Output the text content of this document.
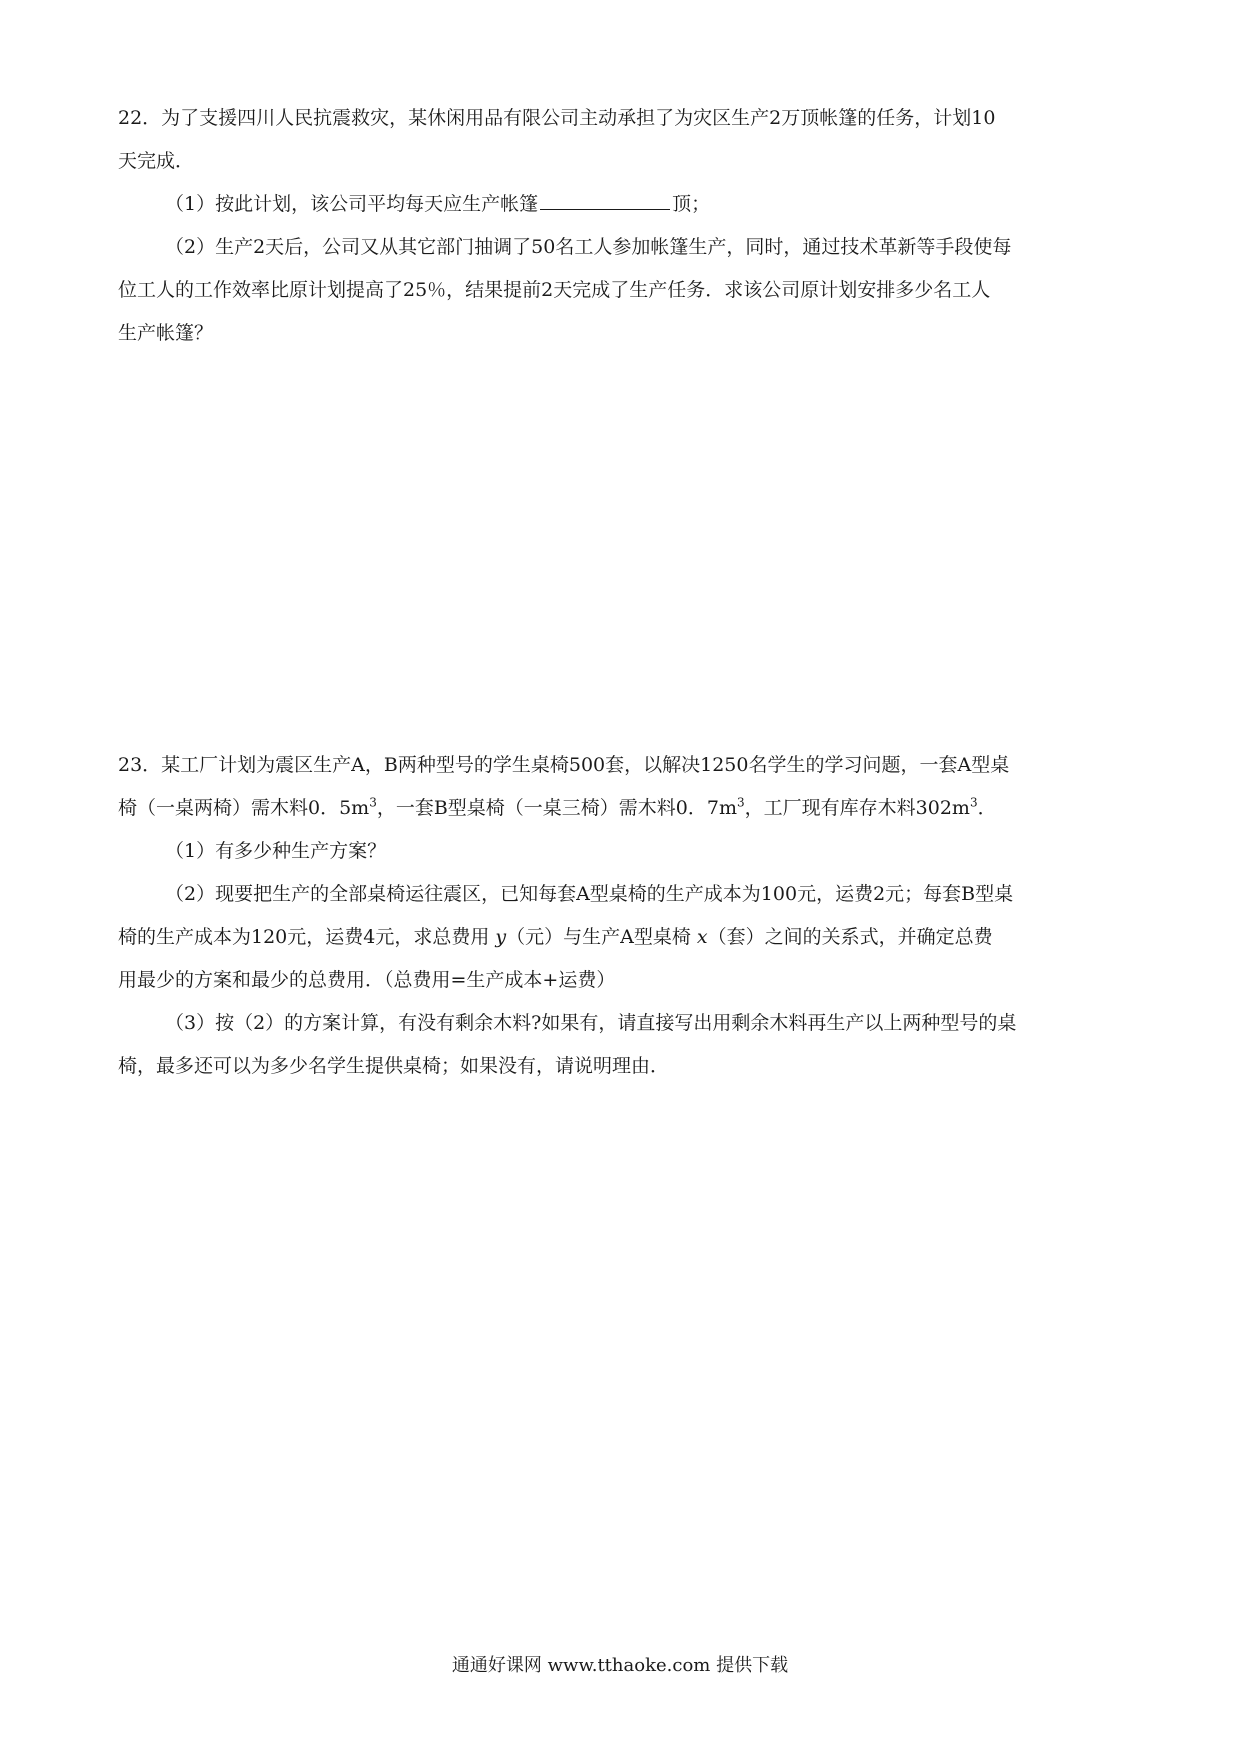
22．为了支援四川人民抗震救灾，某休闲用品有限公司主动承担了为灾区生产2万顶帐篷的任务，计划10
天完成．
（1）按此计划，该公司平均每天应生产帐篷	顶；
（2）生产2天后，公司又从其它部门抽调了50名工人参加帐篷生产，同时，通过技术革新等手段使每
位工人的工作效率比原计划提高了25％，结果提前2天完成了生产任务．求该公司原计划安排多少名工人
生产帐篷？
23．某工厂计划为震区生产A，B两种型号的学生桌椅500套，以解决1250名学生的学习问题，一套A型桌
椅（一桌两椅）需木料0．$5m^3$，一套B型桌椅（一桌三椅）需木料0．$7m^3$，工厂现有库存木料$302m^3$．
（1）有多少种生产方案？
（2）现要把生产的全部桌椅运往震区，已知每套A型桌椅的生产成本为100元，运费2元；每套B型桌
椅的生产成本为120元，运费4元，求总费用 y（元）与生产A型桌椅 x（套）之间的关系式，并确定总费
用最少的方案和最少的总费用．（总费用=生产成本+运费）
（3）按（2）的方案计算，有没有剩余木料?如果有，请直接写出用剩余木料再生产以上两种型号的桌
椅，最多还可以为多少名学生提供桌椅；如果没有，请说明理由．
通通好课网 www.tthaoke.com 提供下载
